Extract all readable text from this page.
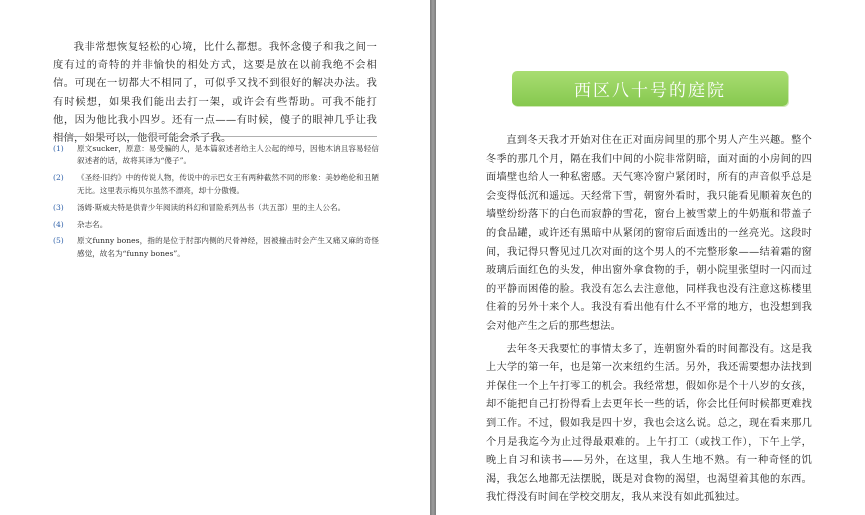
我非常想恢复轻松的心境，比什么都想。我怀念傻子和我之间一度有过的奇特的并非愉快的相处方式，这要是放在以前我绝不会相信。可现在一切都大不相同了，可似乎又找不到很好的解决办法。我有时候想，如果我们能出去打一架，或许会有些帮助。可我不能打他，因为他比我小四岁。还有一点——有时候，傻子的眼神几乎让我相信，如果可以，他很可能会杀了我。

(1) 原文sucker，原意：易受骗的人，是本篇叙述者给主人公起的绰号，因他木讷且容易轻信叙述者的话，故将其译为“傻子”。
(2) 《圣经·旧约》中的传说人物，传说中的示巴女王有两种截然不同的形象：美妙绝伦和丑陋无比。这里表示梅贝尔虽然不漂亮，却十分傲慢。
(3) 汤姆·斯威夫特是供青少年阅读的科幻和冒险系列丛书（共五部）里的主人公名。
(4) 杂志名。
(5) 原文funny bones，指的是位于肘部内侧的尺骨神经，因被撞击时会产生又痛又麻的奇怪感觉，故名为“funny bones”。
西区八十号的庭院

直到冬天我才开始对住在正对面房间里的那个男人产生兴趣。整个冬季的那几个月，隔在我们中间的小院非常阴暗，面对面的小房间的四面墙壁也给人一种私密感。天气寒冷窗户紧闭时，所有的声音似乎总是会变得低沉和遥远。天经常下雪，朝窗外看时，我只能看见顺着灰色的墙壁纷纷落下的白色而寂静的雪花，窗台上被雪蒙上的牛奶瓶和带盖子的食品罐，或许还有黑暗中从紧闭的窗帘后面透出的一丝亮光。这段时间，我记得只瞥见过几次对面的这个男人的不完整形象——结着霜的窗玻璃后面红色的头发，伸出窗外拿食物的手，朝小院里张望时一闪而过的平静而困倦的脸。我没有怎么去注意他，同样我也没有注意这栋楼里住着的另外十来个人。我没有看出他有什么不平常的地方，也没想到我会对他产生之后的那些想法。

去年冬天我要忙的事情太多了，连朝窗外看的时间都没有。这是我上大学的第一年，也是第一次来纽约生活。另外，我还需要想办法找到并保住一个上午打零工的机会。我经常想，假如你是个十八岁的女孩，却不能把自己打扮得看上去更年长一些的话，你会比任何时候都更难找到工作。不过，假如我是四十岁，我也会这么说。总之，现在看来那几个月是我迄今为止过得最艰难的。上午打工（或找工作），下午上学，晚上自习和读书——另外，在这里，我人生地不熟。有一种奇怪的饥渴，我怎么地都无法摆脱，既是对食物的渴望，也渴望着其他的东西。我忙得没有时间在学校交朋友，我从来没有如此孤独过。
